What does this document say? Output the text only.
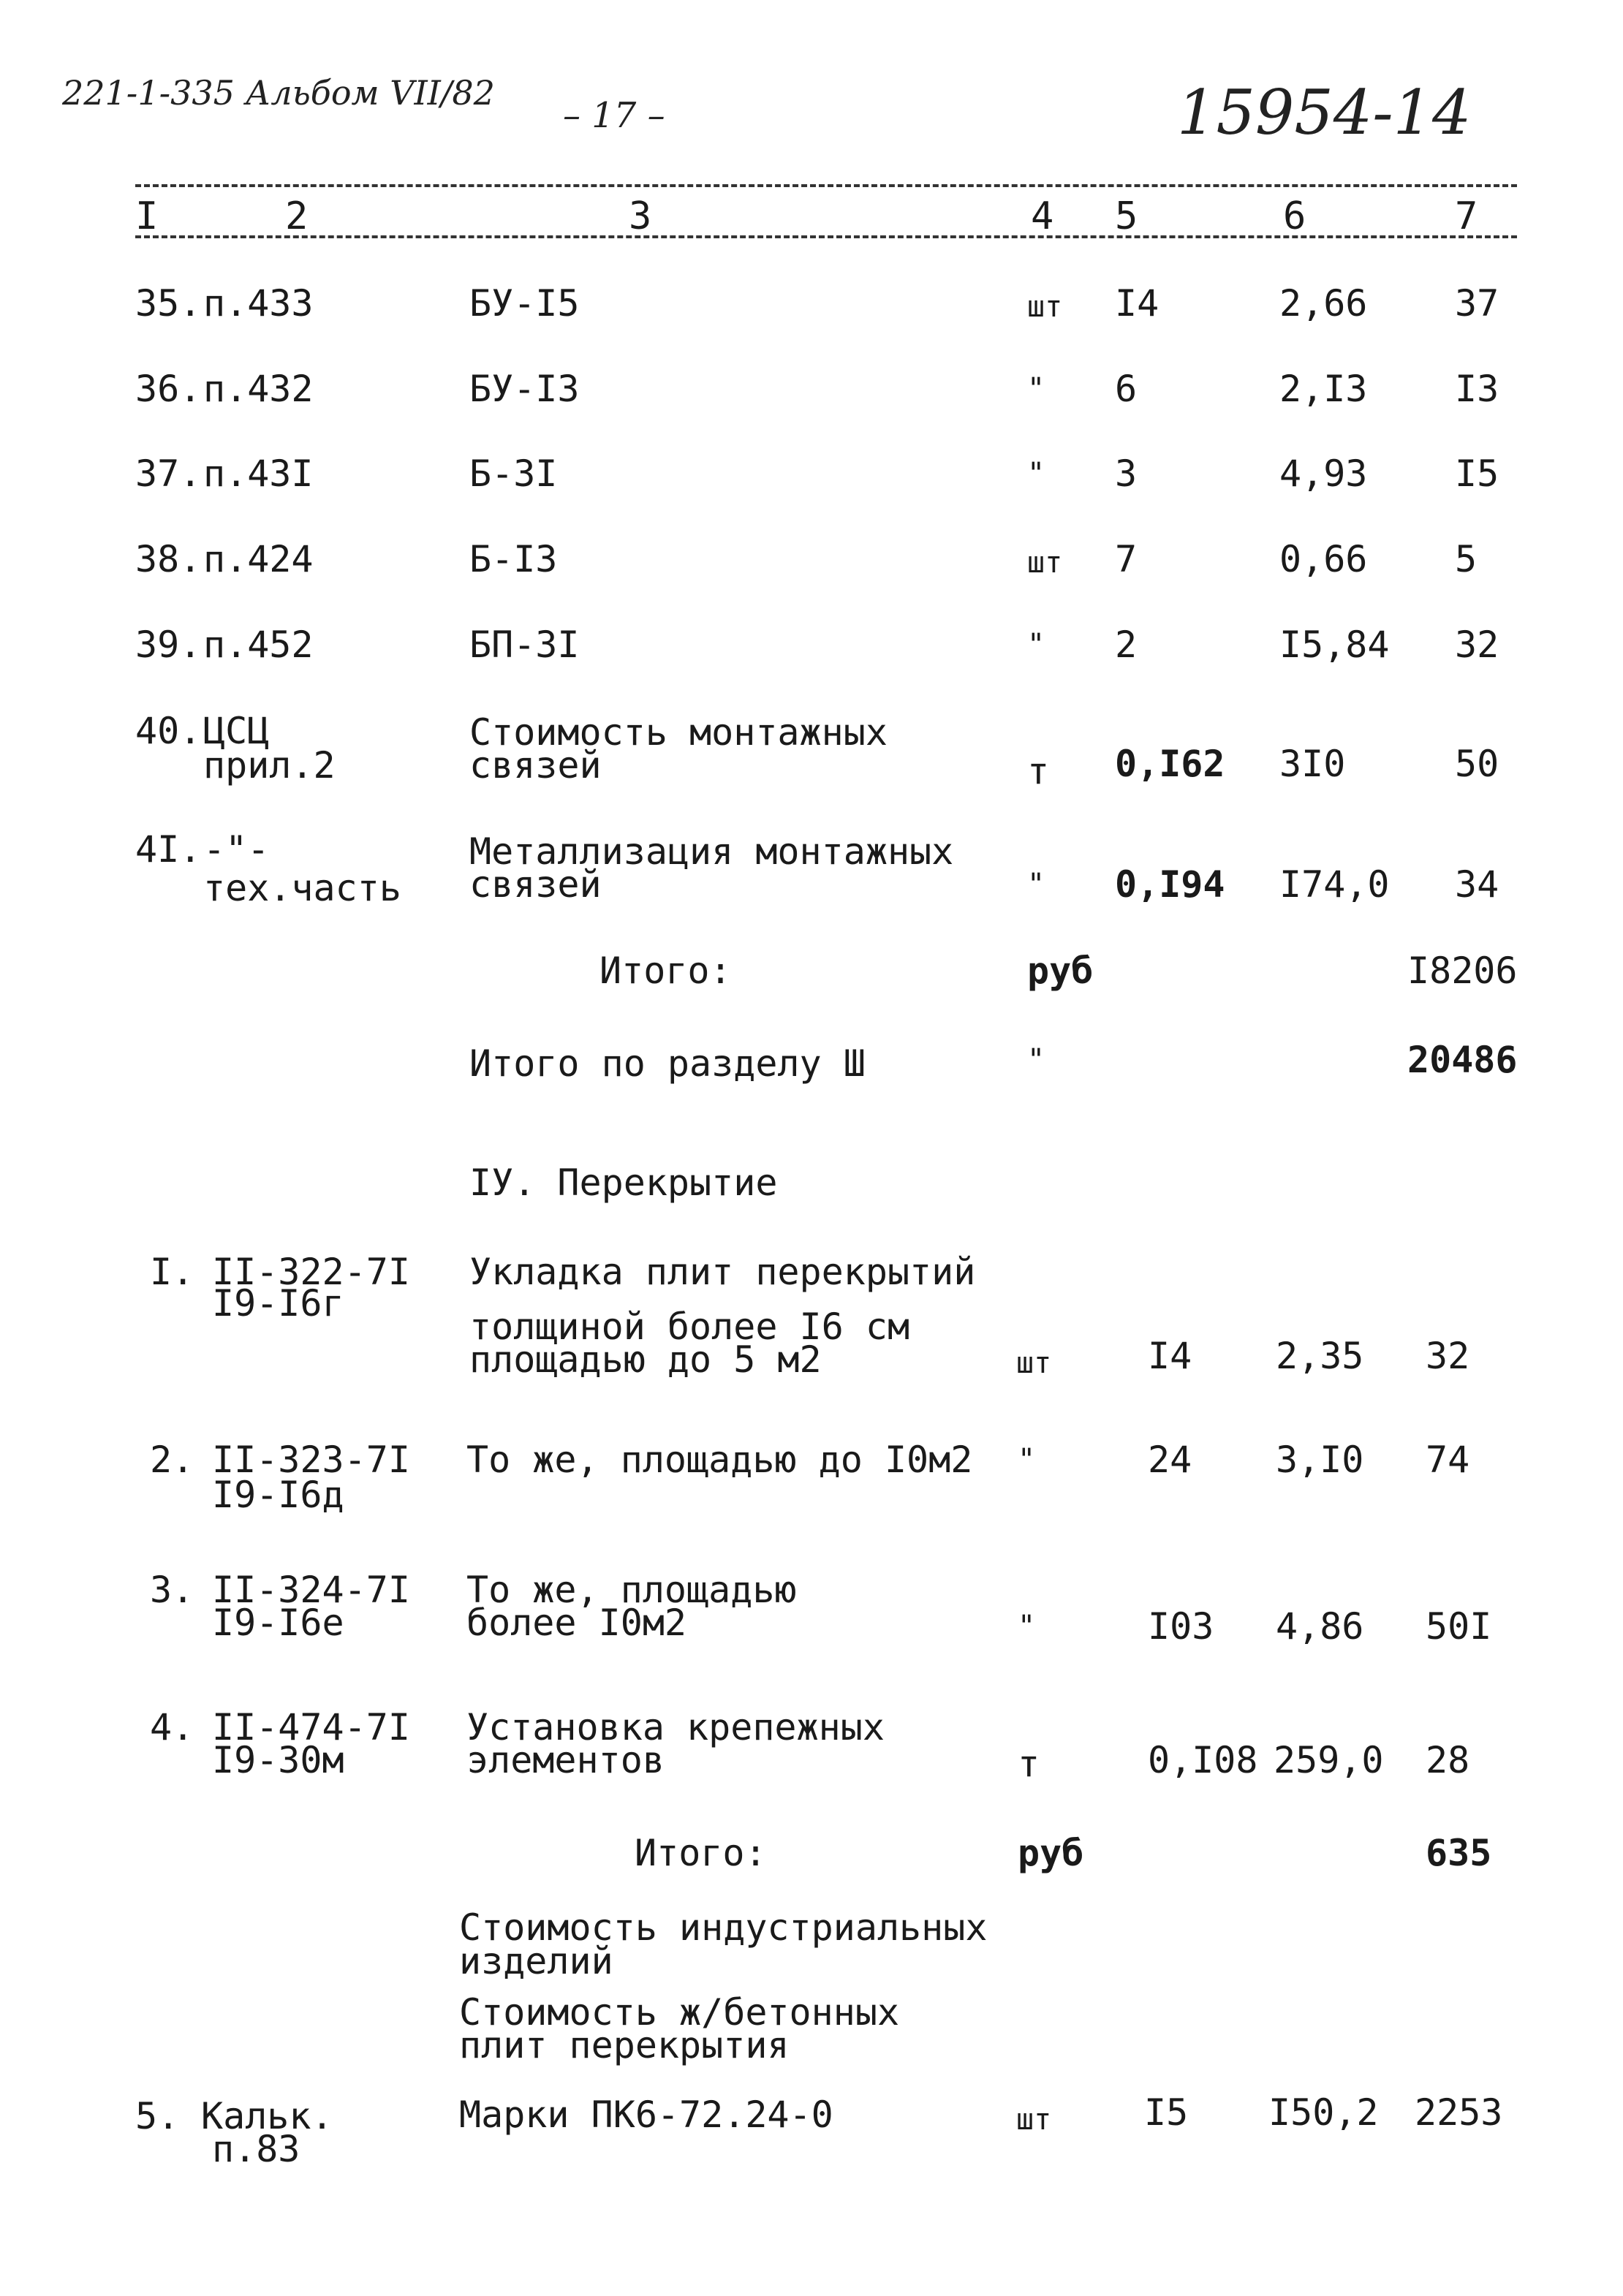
221-1-335 Альбом VII/82
– 17 –	15954-14
I	2	3	4 5	6	7
35. п.433	БУ-I5	шт I4	2,66 37
36. п.432	БУ-I3	" 6	2,I3 I3
37. п.43I	Б-3I	" 3	4,93 I5
38. п.424	Б-I3	шт 7	0,66 5
39. п.452	БП-3I	" 2	I5,84 32
40. ЦСЦ
прил.2
Стоимость монтажных
связей	т 0,I62 3I0	50
4I. -"-
тех.часть
Металлизация монтажных
связей	" 0,I94 I74,0 34
Итого:	руб	I8206
Итого по разделу Ш	"	20486
IУ. Перекрытие
I. II-322-7I
I9-I6г
Укладка плит перекрытий
толщиной более I6 см
площадью до 5 м2	шт	I4 2,35 32
2. II-323-7I
I9-I6д
То же, площадью до I0м2 "	24 3,I0 74
3. II-324-7I
I9-I6е
То же, площадью
более I0м2	"	I03 4,86 50I
4. II-474-7I
I9-30м
Установка крепежных
элементов	т	0,I08 259,0 28
Итого:	руб	635
Стоимость индустриальных
изделий
Стоимость ж/бетонных
плит перекрытия
5. Кальк.
п.83
Марки ПК6-72.24-0	шт	I5 I50,2 2253
